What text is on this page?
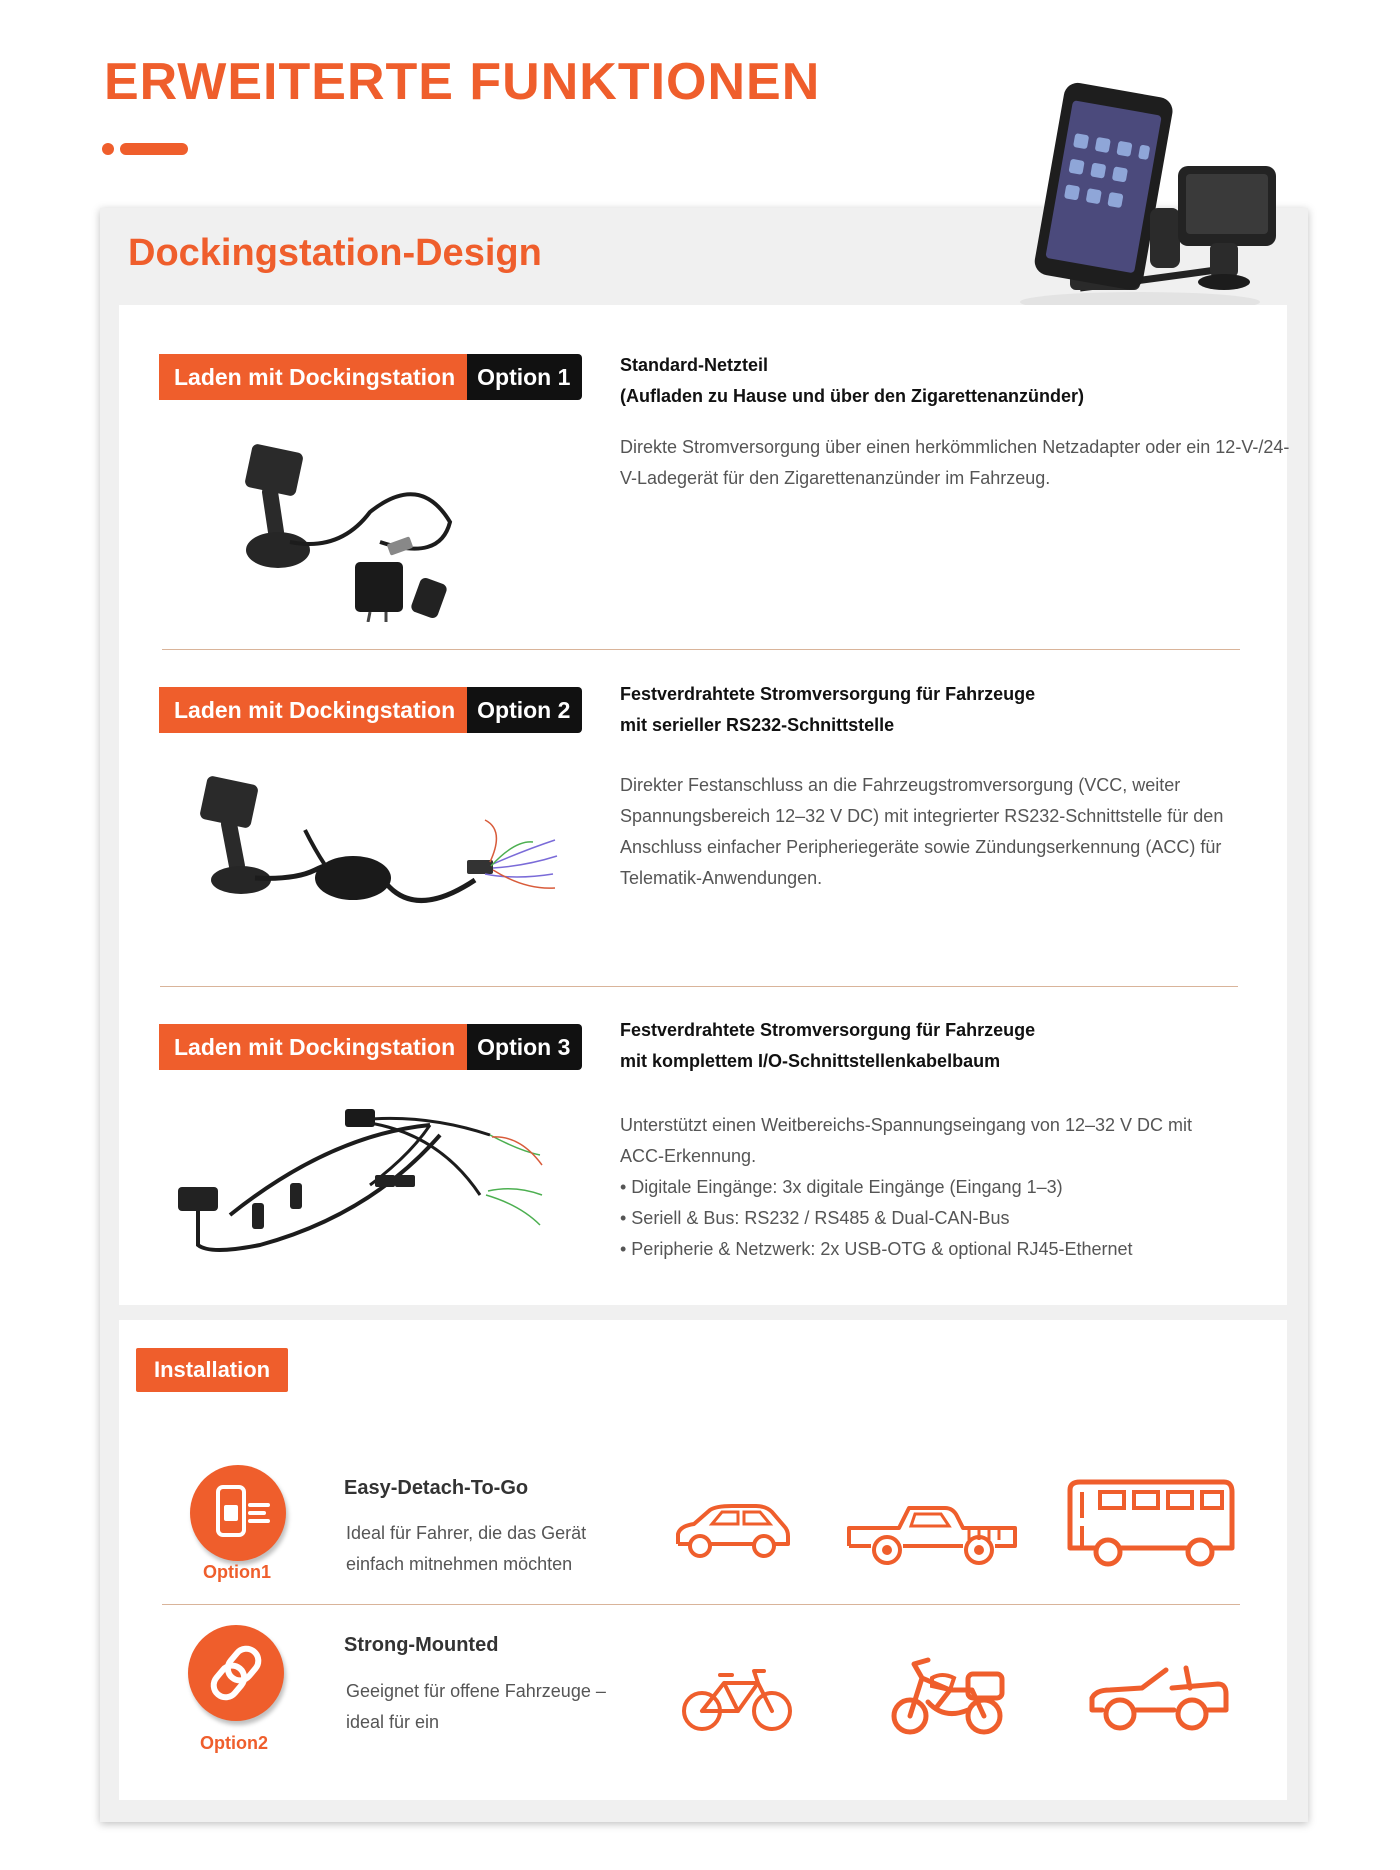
ERWEITERTE FUNKTIONEN
Dockingstation-Design
Laden mit Dockingstation Option 1	Standard-Netzteil
(Aufladen zu Hause und über den Zigarettenanzünder)
Direkte Stromversorgung über einen herkömmlichen Netzadapter oder ein 12-V-/24-V-Ladegerät für den Zigarettenanzünder im Fahrzeug.
Laden mit Dockingstation Option 2
Festverdrahtete Stromversorgung für Fahrzeuge
mit serieller RS232-Schnittstelle
Direkter Festanschluss an die Fahrzeugstromversorgung (VCC, weiter Spannungsbereich 12–32 V DC) mit integrierter RS232-Schnittstelle für den Anschluss einfacher Peripheriegeräte sowie Zündungserkennung (ACC) für Telematik-Anwendungen.
Laden mit Dockingstation Option 3
Festverdrahtete Stromversorgung für Fahrzeuge
mit komplettem I/O-Schnittstellenkabelbaum
Unterstützt einen Weitbereichs-Spannungseingang von 12–32 V DC mit
ACC-Erkennung.
• Digitale Eingänge: 3x digitale Eingänge (Eingang 1–3)
• Seriell & Bus: RS232 / RS485 & Dual-CAN-Bus
• Peripherie & Netzwerk: 2x USB-OTG & optional RJ45-Ethernet
Installation
Option1
Easy-Detach-To-Go
Ideal für Fahrer, die das Gerät einfach mitnehmen möchten
Option2
Strong-Mounted
Geeignet für offene Fahrzeuge – ideal für ein
